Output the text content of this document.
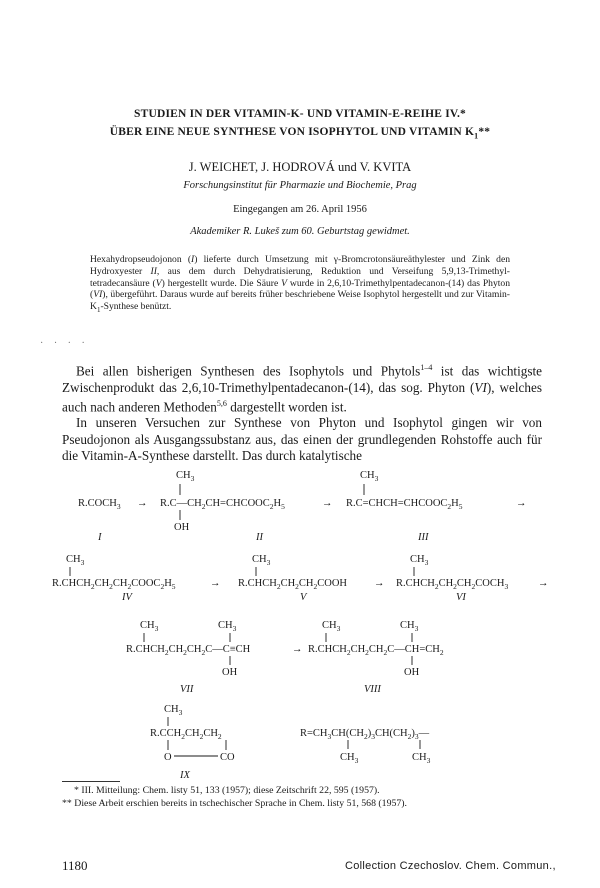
STUDIEN IN DER VITAMIN-K- UND VITAMIN-E-REIHE IV.*
ÜBER EINE NEUE SYNTHESE VON ISOPHYTOL UND VITAMIN $K_1**$
J. WEICHET, J. HODROVÁ und V. KVITA
Forschungsinstitut für Pharmazie und Biochemie, Prag
Eingegangen am 26. April 1956
Akademiker R. Lukeš zum 60. Geburtstag gewidmet.
Hexahydropseudojonon (I) lieferte durch Umsetzung mit γ-Bromcrotonsäureäthylester und Zink den Hydroxyester II, aus dem durch Dehydratisierung, Reduktion und Verseifung 5,9,13-Trimethyl-tetradecansäure (V) hergestellt wurde. Die Säure V wurde in 2,6,10-Trimethylpentadecanon-(14) das Phyton (VI), übergeführt. Daraus wurde auf bereits früher beschriebene Weise Isophytol hergestellt und zur Vitamin-$K_1$-Synthese benützt.
· · · ·

Bei allen bisherigen Synthesen des Isophytols und Phytols$^{1-4}$ ist das wichtigste Zwischenprodukt das 2,6,10-Trimethylpentadecanon-(14), das sog. Phyton (VI), welches auch nach anderen Methoden$^{5,6}$ dargestellt worden ist.

In unseren Versuchen zur Synthese von Phyton und Isophytol gingen wir von Pseudojonon als Ausgangssubstanz aus, das einen der grundlegenden Rohstoffe auch für die Vitamin-A-Synthese darstellt. Das durch katalytische

$R.COCH_3$ →
$CH_3$
$R.C—CH_2CH=CHCOOC_2H_5$
OH
→
$CH_3$
$R.C=CHCH=CHCOOC_2H_5$	→
I	II	III
$CH_3$
$R.CHCH_2CH_2CH_2COOC_2H_5$	→
$CH_3$
$R.CHCH_2CH_2CH_2COOH$	→
$CH_3$
$R.CHCH_2CH_2CH_2COCH_3$	→
IV	V	VI
$CH_3$	$CH_3$
$R.CHCH_2CH_2CH_2C—C\equiv CH$
OH
→
$CH_3$	$CH_3$
$R.CHCH_2CH_2CH_2C—CH=CH_2$
OH
VII	VIII
$CH_3$
$R.CCH_2CH_2CH_2$
O	CO
IX
$R=CH_3CH(CH_2)_3CH(CH_2)_3—$
$CH_3$	$CH_3$
* III. Mitteilung: Chem. listy 51, 133 (1957); diese Zeitschrift 22, 595 (1957).
** Diese Arbeit erschien bereits in tschechischer Sprache in Chem. listy 51, 568 (1957).
1180	Collection Czechoslov. Chem. Commun.,
